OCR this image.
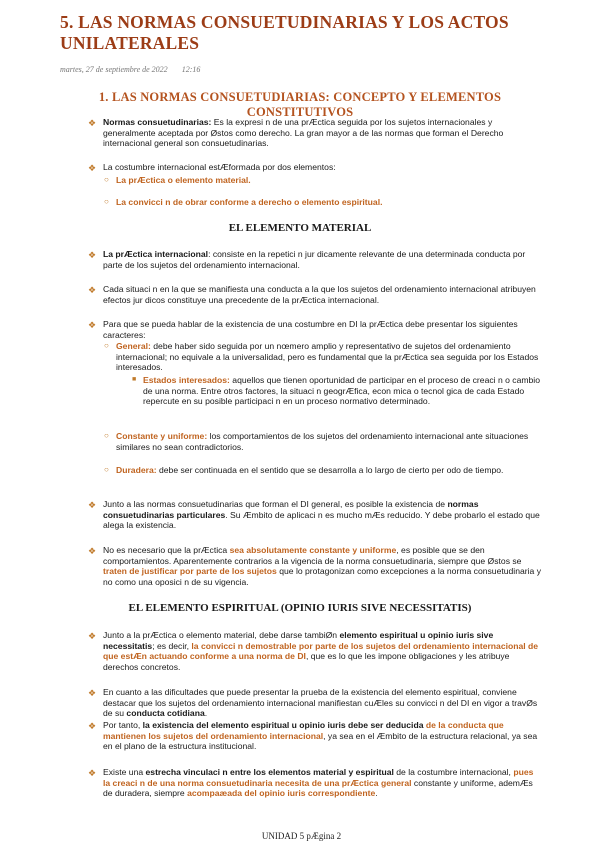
5. LAS NORMAS CONSUETUDINARIAS Y LOS ACTOS UNILATERALES
martes, 27 de septiembre de 2022 12:16
1. LAS NORMAS CONSUETUDIARIAS: CONCEPTO Y ELEMENTOS CONSTITUTIVOS
❖ Normas consuetudinarias: Es la expresi n de una prÆctica seguida por los sujetos internacionales y generalmente aceptada por Østos como derecho. La gran mayor a de las normas que forman el Derecho internacional general son consuetudinarias.
❖ La costumbre internacional estÆformada por dos elementos:
○ La prÆctica o elemento material.
○ La convicci n de obrar conforme a derecho o elemento espiritual.
EL ELEMENTO MATERIAL
❖ La prÆctica internacional: consiste en la repetici n jur dicamente relevante de una determinada conducta por parte de los sujetos del ordenamiento internacional.
❖ Cada situaci n en la que se manifiesta una conducta a la que los sujetos del ordenamiento internacional atribuyen efectos jur dicos constituye una precedente de la prÆctica internacional.
❖ Para que se pueda hablar de la existencia de una costumbre en DI la prÆctica debe presentar los siguientes caracteres:
○ General: debe haber sido seguida por un nœmero amplio y representativo de sujetos del ordenamiento internacional; no equivale a la universalidad, pero es fundamental que la prÆctica sea seguida por los Estados interesados.
■ Estados interesados: aquellos que tienen oportunidad de participar en el proceso de creaci n o cambio de una norma. Entre otros factores, la situaci n geogrÆfica, econ mica o tecnol gica de cada Estado repercute en su posible participaci n en un proceso normativo determinado.
○ Constante y uniforme: los comportamientos de los sujetos del ordenamiento internacional ante situaciones similares no sean contradictorios.
○ Duradera: debe ser continuada en el sentido que se desarrolla a lo largo de cierto per odo de tiempo.
❖ Junto a las normas consuetudinarias que forman el DI general, es posible la existencia de normas consuetudinarias particulares. Su Æmbito de aplicaci n es mucho mÆs reducido. Y debe probarlo el estado que alega la existencia.
❖ No es necesario que la prÆctica sea absolutamente constante y uniforme, es posible que se den comportamientos. Aparentemente contrarios a la vigencia de la norma consuetudinaria, siempre que Østos se traten de justificar por parte de los sujetos que lo protagonizan como excepciones a la norma consuetudinaria y no como una oposici n de su vigencia.
EL ELEMENTO ESPIRITUAL (OPINIO IURIS SIVE NECESSITATIS)
❖ Junto a la prÆctica o elemento material, debe darse tambiØn elemento espiritual u opinio iuris sive necessitatis; es decir, la convicci n demostrable por parte de los sujetos del ordenamiento internacional de que estÆn actuando conforme a una norma de DI, que es lo que les impone obligaciones y les atribuye derechos concretos.
❖ En cuanto a las dificultades que puede presentar la prueba de la existencia del elemento espiritual, conviene destacar que los sujetos del ordenamiento internacional manifiestan cuÆles su convicci n del DI en vigor a travØs de su conducta cotidiana.
❖ Por tanto, la existencia del elemento espiritual u opinio iuris debe ser deducida de la conducta que mantienen los sujetos del ordenamiento internacional, ya sea en el Æmbito de la estructura relacional, ya sea en el plano de la estructura institucional.
❖ Existe una estrecha vinculaci n entre los elementos material y espiritual de la costumbre internacional, pues la creaci n de una norma consuetudinaria necesita de una prÆctica general constante y uniforme, ademÆs de duradera, siempre acompaæada del opinio iuris correspondiente.
UNIDAD 5 pÆgina 2
